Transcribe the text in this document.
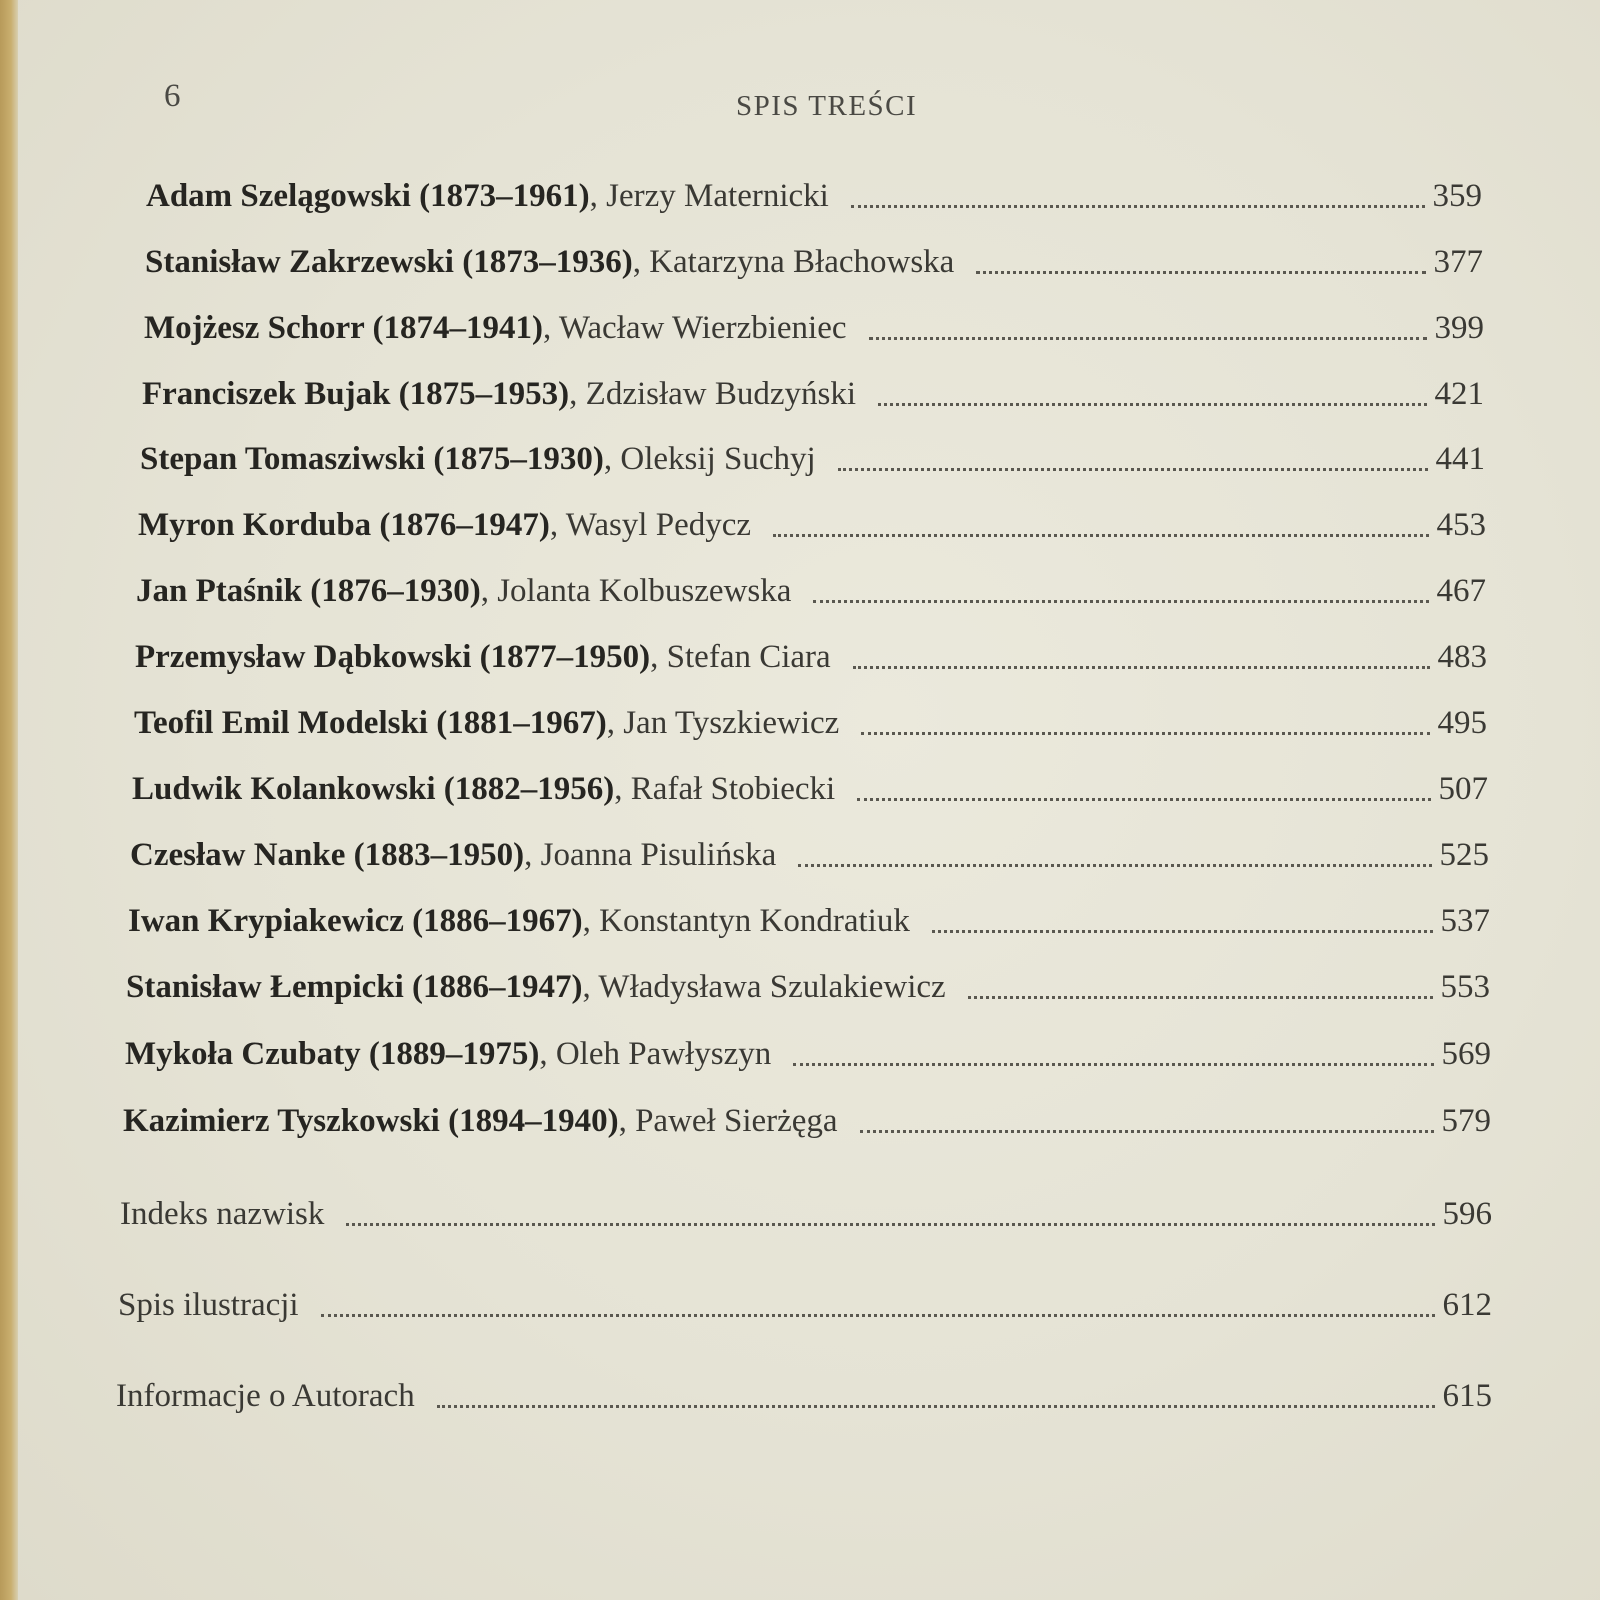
6	SPIS TREŚCI
Adam Szelągowski (1873–1961) , Jerzy Maternicki	359
Stanisław Zakrzewski (1873–1936) , Katarzyna Błachowska	377
Mojżesz Schorr (1874–1941) , Wacław Wierzbieniec	399
Franciszek Bujak (1875–1953) , Zdzisław Budzyński	421
Stepan Tomasziwski (1875–1930) , Oleksij Suchyj	441
Myron Korduba (1876–1947) , Wasyl Pedycz	453
Jan Ptaśnik (1876–1930) , Jolanta Kolbuszewska	467
Przemysław Dąbkowski (1877–1950) , Stefan Ciara	483
Teofil Emil Modelski (1881–1967) , Jan Tyszkiewicz	495
Ludwik Kolankowski (1882–1956) , Rafał Stobiecki	507
Czesław Nanke (1883–1950) , Joanna Pisulińska	525
Iwan Krypiakewicz (1886–1967) , Konstantyn Kondratiuk	537
Stanisław Łempicki (1886–1947) , Władysława Szulakiewicz	553
Mykoła Czubaty (1889–1975) , Oleh Pawłyszyn	569
Kazimierz Tyszkowski (1894–1940) , Paweł Sierżęga	579
Indeks nazwisk	596
Spis ilustracji	612
Informacje o Autorach	615
